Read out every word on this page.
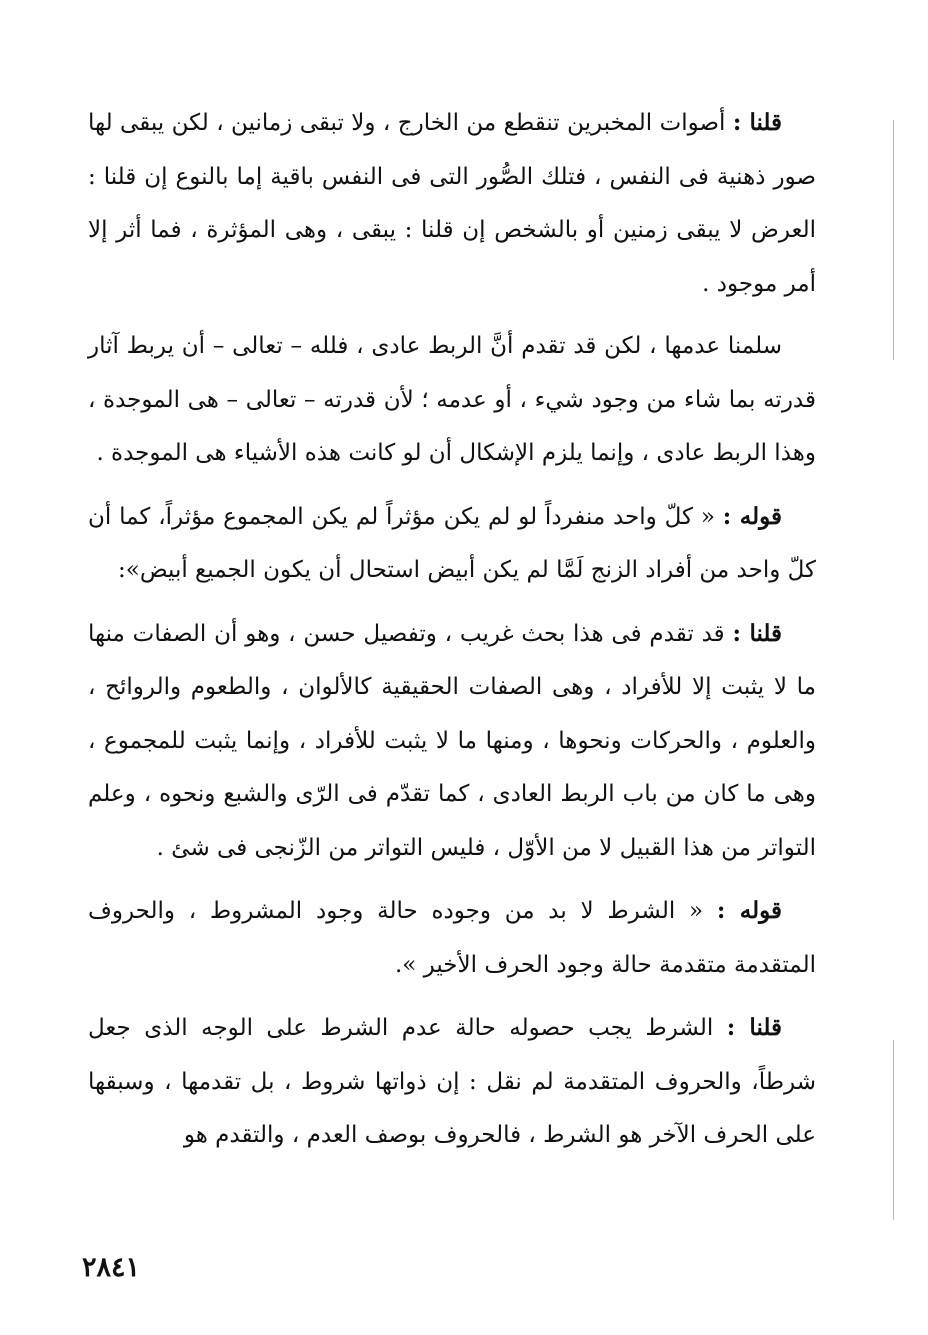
قلنا : أصوات المخبرين تنقطع من الخارج ، ولا تبقى زمانين ، لكن يبقى لها صور ذهنية فى النفس ، فتلك الصُّور التى فى النفس باقية إما بالنوع إن قلنا : العرض لا يبقى زمنين أو بالشخص إن قلنا : يبقى ، وهى المؤثرة ، فما أثر إلا أمر موجود .

سلمنا عدمها ، لكن قد تقدم أنَّ الربط عادى ، فلله – تعالى – أن يربط آثار قدرته بما شاء من وجود شيء ، أو عدمه ؛ لأن قدرته – تعالى – هى الموجدة ، وهذا الربط عادى ، وإنما يلزم الإشكال أن لو كانت هذه الأشياء هى الموجدة .

قوله : « كلّ واحد منفرداً لو لم يكن مؤثراً لم يكن المجموع مؤثراً، كما أن كلّ واحد من أفراد الزنج لَمَّا لم يكن أبيض استحال أن يكون الجميع أبيض»:

قلنا : قد تقدم فى هذا بحث غريب ، وتفصيل حسن ، وهو أن الصفات منها ما لا يثبت إلا للأفراد ، وهى الصفات الحقيقية كالألوان ، والطعوم والروائح ، والعلوم ، والحركات ونحوها ، ومنها ما لا يثبت للأفراد ، وإنما يثبت للمجموع ، وهى ما كان من باب الربط العادى ، كما تقدّم فى الرّى والشبع ونحوه ، وعلم التواتر من هذا القبيل لا من الأوّل ، فليس التواتر من الزّنجى فى شئ .

قوله : « الشرط لا بد من وجوده حالة وجود المشروط ، والحروف المتقدمة متقدمة حالة وجود الحرف الأخير ».

قلنا : الشرط يجب حصوله حالة عدم الشرط على الوجه الذى جعل شرطاً، والحروف المتقدمة لم نقل : إن ذواتها شروط ، بل تقدمها ، وسبقها على الحرف الآخر هو الشرط ، فالحروف بوصف العدم ، والتقدم هو

٢٨٤١
